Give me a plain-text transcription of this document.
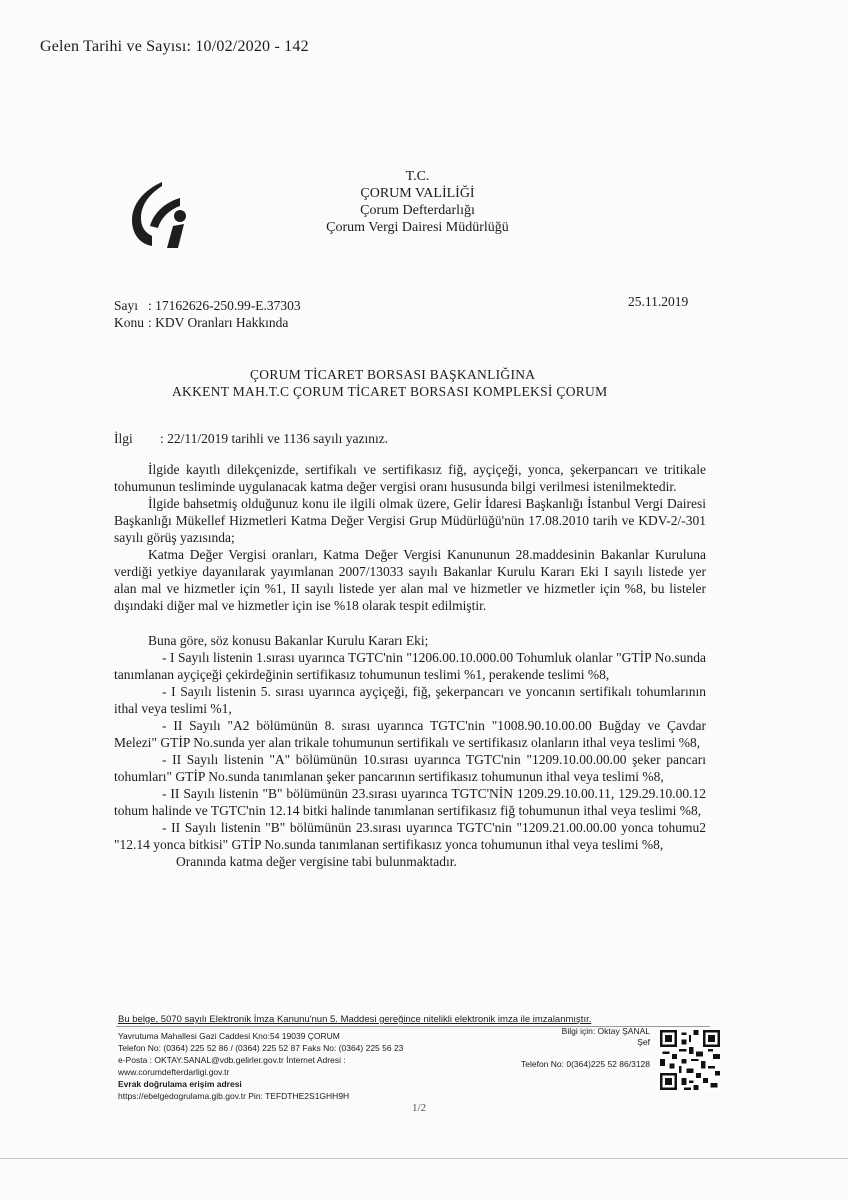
Gelen Tarihi ve Sayısı: 10/02/2020 - 142
T.C.
ÇORUM VALİLİĞİ
Çorum Defterdarlığı
Çorum Vergi Dairesi Müdürlüğü
Sayı : 17162626-250.99-E.37303
Konu : KDV Oranları Hakkında
25.11.2019
ÇORUM TİCARET BORSASI BAŞKANLIĞINA
AKKENT MAH.T.C ÇORUM TİCARET BORSASI KOMPLEKSİ ÇORUM
İlgi : 22/11/2019 tarihli ve 1136 sayılı yazınız.

İlgide kayıtlı dilekçenizde, sertifikalı ve sertifikasız fiğ, ayçiçeği, yonca, şekerpancarı ve tritikale tohumunun tesliminde uygulanacak katma değer vergisi oranı hususunda bilgi verilmesi istenilmektedir.

İlgide bahsetmiş olduğunuz konu ile ilgili olmak üzere, Gelir İdaresi Başkanlığı İstanbul Vergi Dairesi Başkanlığı Mükellef Hizmetleri Katma Değer Vergisi Grup Müdürlüğü'nün 17.08.2010 tarih ve KDV-2/-301 sayılı görüş yazısında;

Katma Değer Vergisi oranları, Katma Değer Vergisi Kanununun 28.maddesinin Bakanlar Kuruluna verdiği yetkiye dayanılarak yayımlanan 2007/13033 sayılı Bakanlar Kurulu Kararı Eki I sayılı listede yer alan mal ve hizmetler için %1, II sayılı listede yer alan mal ve hizmetler ve hizmetler için %8, bu listeler dışındaki diğer mal ve hizmetler için ise %18 olarak tespit edilmiştir.

Buna göre, söz konusu Bakanlar Kurulu Kararı Eki;

- I Sayılı listenin 1.sırası uyarınca TGTC'nin "1206.00.10.000.00 Tohumluk olanlar "GTİP No.sunda tanımlanan ayçiçeği çekirdeğinin sertifikasız tohumunun teslimi %1, perakende teslimi %8,

- I Sayılı listenin 5. sırası uyarınca ayçiçeği, fiğ, şekerpancarı ve yoncanın sertifikalı tohumlarının ithal veya teslimi %1,

- II Sayılı "A2 bölümünün 8. sırası uyarınca TGTC'nin "1008.90.10.00.00 Buğday ve Çavdar Melezi" GTİP No.sunda yer alan trikale tohumunun sertifikalı ve sertifikasız olanların ithal veya teslimi %8,

- II Sayılı listenin "A" bölümünün 10.sırası uyarınca TGTC'nin "1209.10.00.00.00 şeker pancarı tohumları" GTİP No.sunda tanımlanan şeker pancarının sertifikasız tohumunun ithal veya teslimi %8,

- II Sayılı listenin "B" bölümünün 23.sırası uyarınca TGTC'NİN 1209.29.10.00.11, 129.29.10.00.12 tohum halinde ve TGTC'nin 12.14 bitki halinde tanımlanan sertifikasız fiğ tohumunun ithal veya teslimi %8,

- II Sayılı listenin "B" bölümünün 23.sırası uyarınca TGTC'nin "1209.21.00.00.00 yonca tohumu2 "12.14 yonca bitkisi" GTİP No.sunda tanımlanan sertifikasız yonca tohumunun ithal veya teslimi %8,

Oranında katma değer vergisine tabi bulunmaktadır.

Bu belge, 5070 sayılı Elektronik İmza Kanunu'nun 5. Maddesi gereğince nitelikli elektronik imza ile imzalanmıştır.
Yavrutuma Mahallesi Gazi Caddesi Kno:54 19039 ÇORUM
Telefon No: (0364) 225 52 86 / (0364) 225 52 87 Faks No: (0364) 225 56 23
e-Posta : OKTAY.SANAL@vdb.gelirler.gov.tr İnternet Adresi :
www.corumdefterdarligi.gov.tr
Evrak doğrulama erişim adresi
https://ebelgedogrulama.gib.gov.tr Pin: TEFDTHE2S1GHH9H
Bilgi için: Oktay ŞANAL
Şef
Telefon No: 0(364)225 52 86/3128
1/2
